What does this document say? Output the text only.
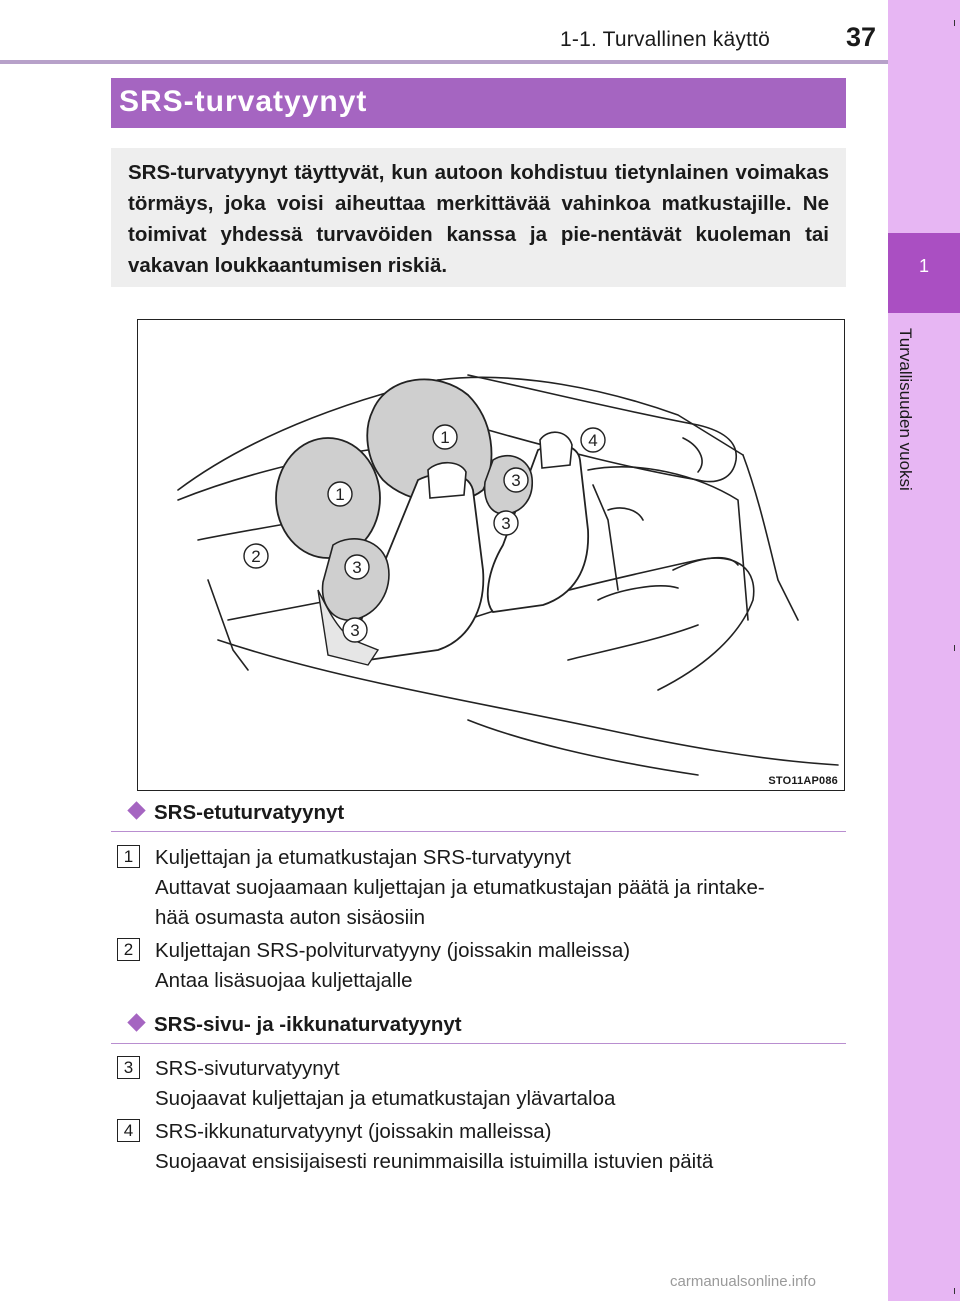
1-1. Turvallinen käyttö	37
1
Turvallisuuden vuoksi
SRS-turvatyynyt
SRS-turvatyynyt täyttyvät, kun autoon kohdistuu tietynlainen voimakas törmäys, joka voisi aiheuttaa merkittävää vahinkoa matkustajille. Ne toimivat yhdessä turvavöiden kanssa ja pie-nentävät kuoleman tai vakavan loukkaantumisen riskiä.
1
1
4
3
3
2
3
3
STO11AP086
SRS-etuturvatyynyt
1	Kuljettajan ja etumatkustajan SRS-turvatyynyt
Auttavat suojaamaan kuljettajan ja etumatkustajan päätä ja rintake-
hää osumasta auton sisäosiin
2	Kuljettajan SRS-polviturvatyyny (joissakin malleissa)
Antaa lisäsuojaa kuljettajalle
SRS-sivu- ja -ikkunaturvatyynyt
3	SRS-sivuturvatyynyt
Suojaavat kuljettajan ja etumatkustajan ylävartaloa
4	SRS-ikkunaturvatyynyt (joissakin malleissa)
Suojaavat ensisijaisesti reunimmaisilla istuimilla istuvien päitä
carmanualsonline.info
